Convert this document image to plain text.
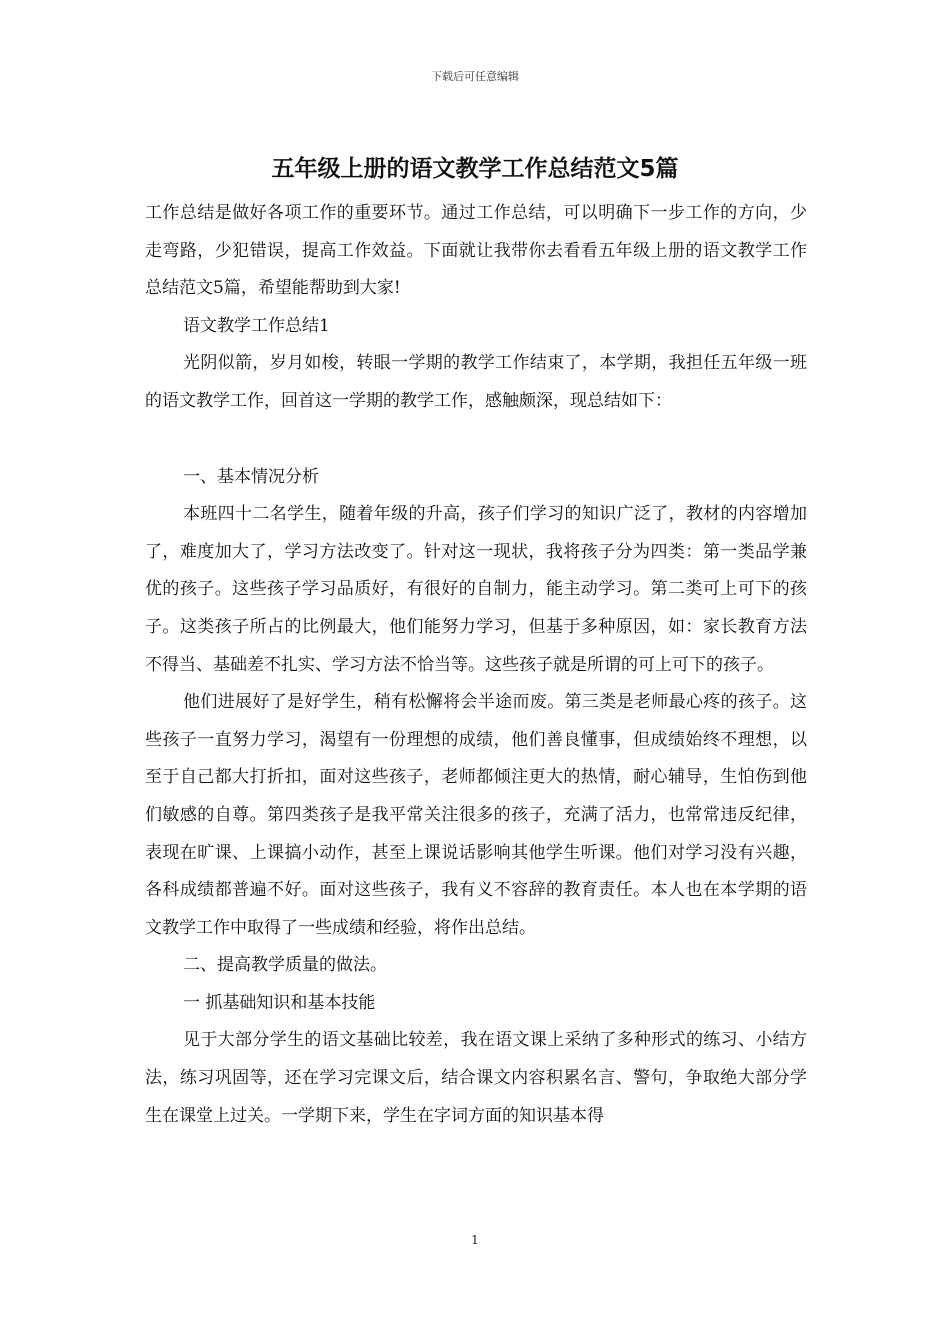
下载后可任意编辑
五年级上册的语文教学工作总结范文5篇

工作总结是做好各项工作的重要环节。通过工作总结，可以明确下一步工作的方向，少走弯路，少犯错误，提高工作效益。下面就让我带你去看看五年级上册的语文教学工作总结范文5篇，希望能帮助到大家!

语文教学工作总结1

光阴似箭，岁月如梭，转眼一学期的教学工作结束了，本学期，我担任五年级一班的语文教学工作，回首这一学期的教学工作，感触颇深，现总结如下：

一、基本情况分析

本班四十二名学生，随着年级的升高，孩子们学习的知识广泛了，教材的内容增加了，难度加大了，学习方法改变了。针对这一现状，我将孩子分为四类：第一类品学兼优的孩子。这些孩子学习品质好，有很好的自制力，能主动学习。第二类可上可下的孩子。这类孩子所占的比例最大，他们能努力学习，但基于多种原因，如：家长教育方法不得当、基础差不扎实、学习方法不恰当等。这些孩子就是所谓的可上可下的孩子。

他们进展好了是好学生，稍有松懈将会半途而废。第三类是老师最心疼的孩子。这些孩子一直努力学习，渴望有一份理想的成绩，他们善良懂事，但成绩始终不理想，以至于自己都大打折扣，面对这些孩子，老师都倾注更大的热情，耐心辅导，生怕伤到他们敏感的自尊。第四类孩子是我平常关注很多的孩子，充满了活力，也常常违反纪律，表现在旷课、上课搞小动作，甚至上课说话影响其他学生听课。他们对学习没有兴趣，各科成绩都普遍不好。面对这些孩子，我有义不容辞的教育责任。本人也在本学期的语文教学工作中取得了一些成绩和经验，将作出总结。

二、提高教学质量的做法。

一 抓基础知识和基本技能

见于大部分学生的语文基础比较差，我在语文课上采纳了多种形式的练习、小结方法，练习巩固等，还在学习完课文后，结合课文内容积累名言、警句，争取绝大部分学生在课堂上过关。一学期下来，学生在字词方面的知识基本得

1
